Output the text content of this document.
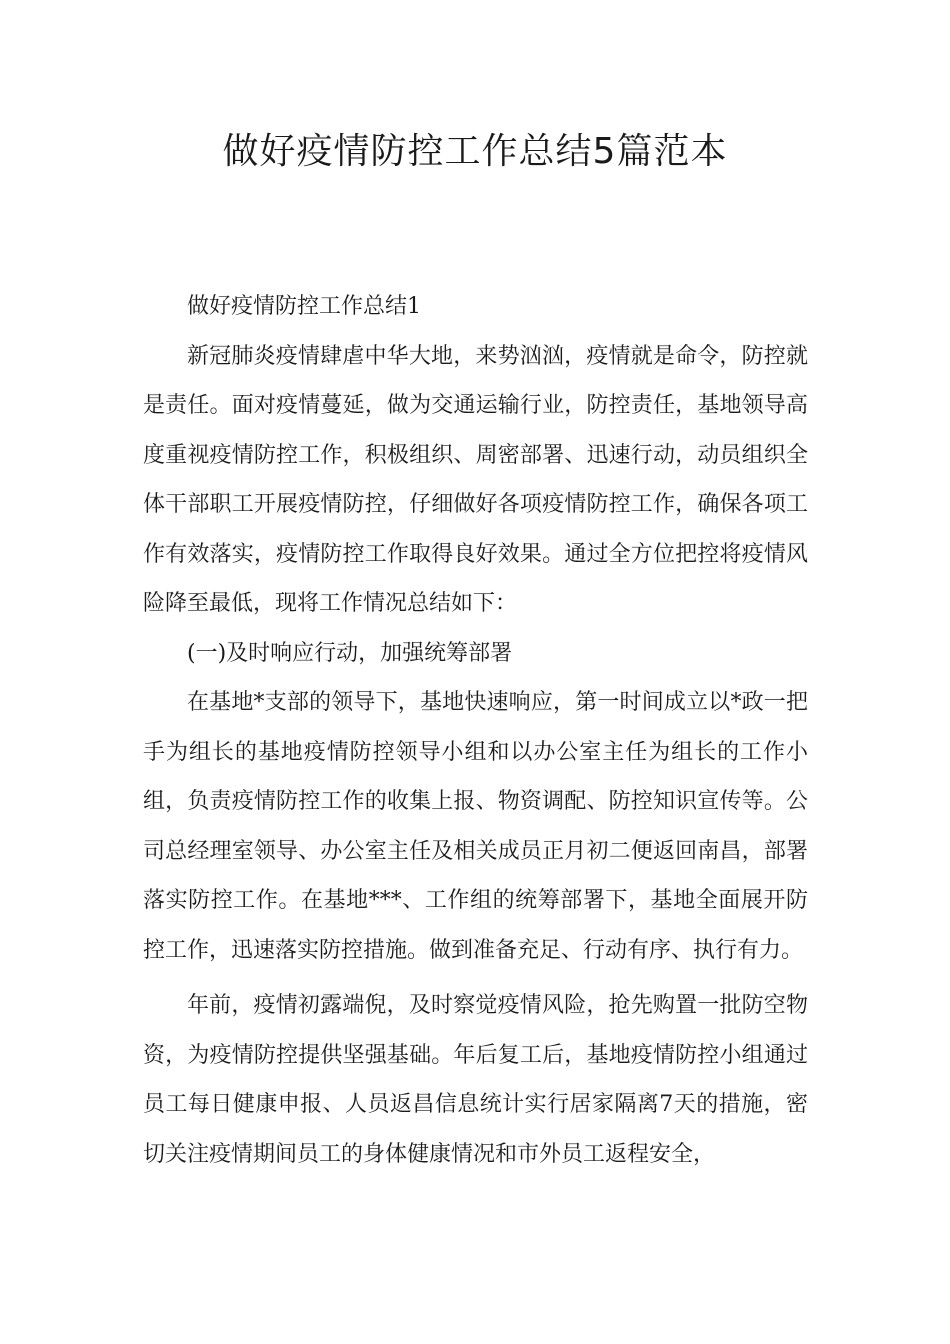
做好疫情防控工作总结5篇范本

做好疫情防控工作总结1

新冠肺炎疫情肆虐中华大地，来势汹汹，疫情就是命令，防控就是责任。面对疫情蔓延，做为交通运输行业，防控责任，基地领导高度重视疫情防控工作，积极组织、周密部署、迅速行动，动员组织全体干部职工开展疫情防控，仔细做好各项疫情防控工作，确保各项工作有效落实，疫情防控工作取得良好效果。通过全方位把控将疫情风险降至最低，现将工作情况总结如下：

(一)及时响应行动，加强统筹部署

在基地*支部的领导下，基地快速响应，第一时间成立以*政一把手为组长的基地疫情防控领导小组和以办公室主任为组长的工作小组，负责疫情防控工作的收集上报、物资调配、防控知识宣传等。公司总经理室领导、办公室主任及相关成员正月初二便返回南昌，部署落实防控工作。在基地***、工作组的统筹部署下，基地全面展开防控工作，迅速落实防控措施。做到准备充足、行动有序、执行有力。

年前，疫情初露端倪，及时察觉疫情风险，抢先购置一批防空物资，为疫情防控提供坚强基础。年后复工后，基地疫情防控小组通过员工每日健康申报、人员返昌信息统计实行居家隔离7天的措施，密切关注疫情期间员工的身体健康情况和市外员工返程安全，
